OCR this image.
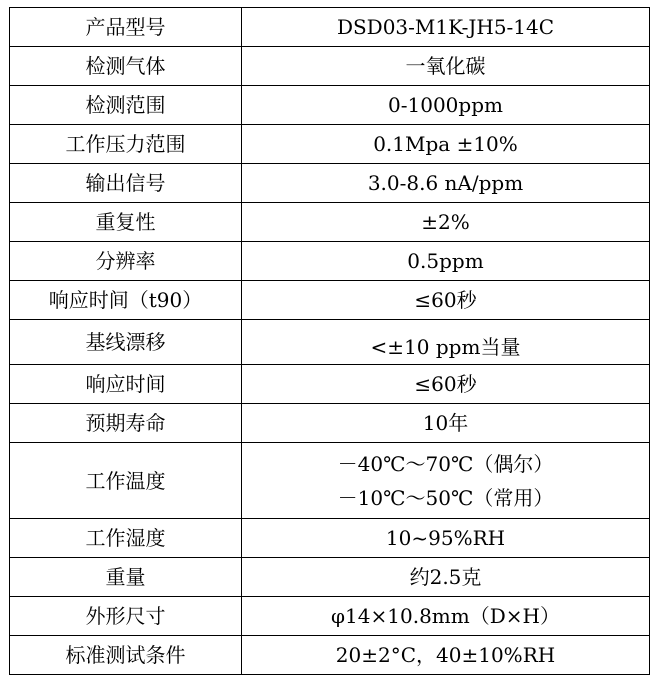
产品型号	DSD03-M1K-JH5-14C
检测气体	一氧化碳
检测范围	0-1000ppm
工作压力范围	0.1Mpa ±10%
输出信号	3.0-8.6 nA/ppm
重复性	±2%
分辨率	0.5ppm
响应时间（t90）	≤60秒
基线漂移	<±10 ppm当量
响应时间	≤60秒
预期寿命	10年
工作温度	－40℃～70℃（偶尔）
－10℃～50℃（常用）

工作湿度	10~95%RH
重量	约2.5克
外形尺寸	φ14×10.8mm（D×H）
标准测试条件	20±2°C，40±10%RH
